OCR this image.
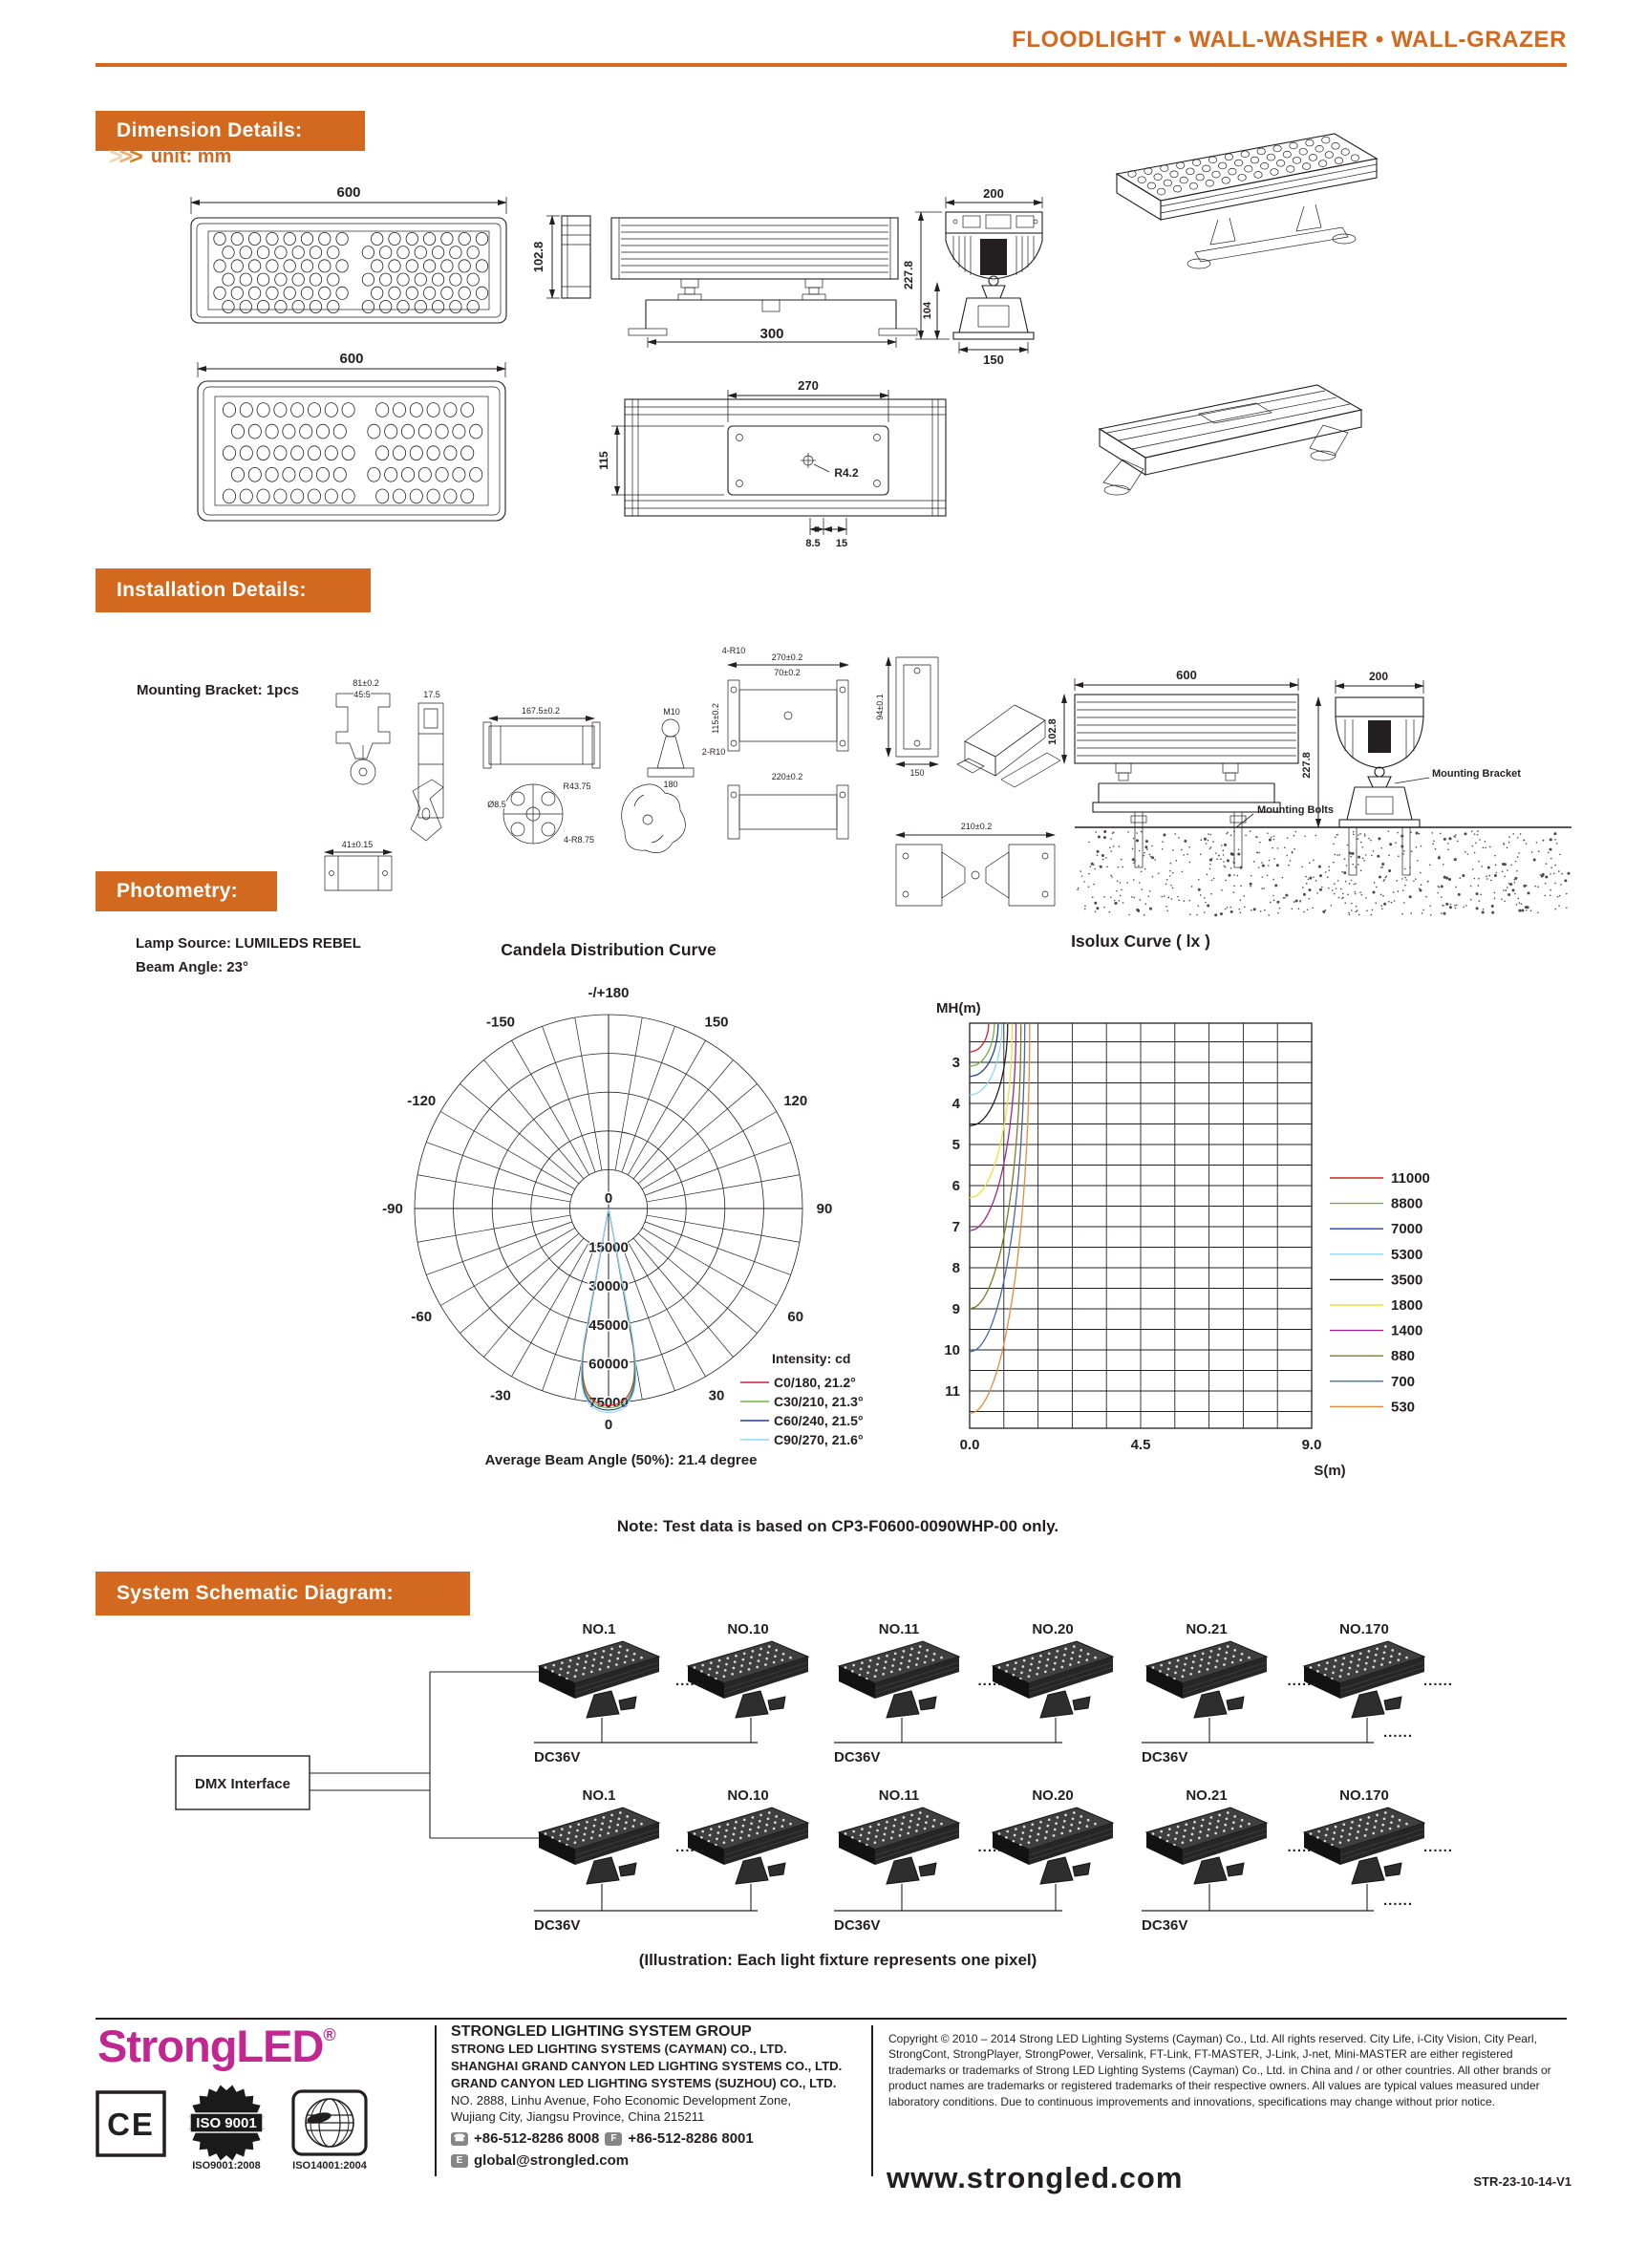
FLOODLIGHT • WALL-WASHER • WALL-GRAZER
Dimension Details:
>>> unit: mm
Installation Details:
Mounting Bracket: 1pcs
Photometry:
Lamp Source: LUMILEDS REBEL
Beam Angle: 23°
Candela Distribution Curve	Isolux Curve ( lx )
Note: Test data is based on CP3-F0600-0090WHP-00 only.
System Schematic Diagram:
(Illustration: Each light fixture represents one pixel)
600
102.8
300
200
227.8
104
150
600
R4.2
270
115
8.5 15
81±0.2
45.5	17.5
167.5±0.2	M10
180
2-R10
R43.75
Ø8.5
4-R8.75
270±0.2
70±0.2
115±0.2
4-R10
220±0.2
94±0.1
150
210±0.2
41±0.15
600
102.8
200
227.8
Mounting Bolts
Mounting Bracket
-/+180
-150
-120
-90
-60
-30
0
30
60
90
120
150
0
15000
30000
45000
60000
75000
Intensity: cd
C0/180, 21.2°
C30/210, 21.3°
C60/240, 21.5°
C90/270, 21.6°
Average Beam Angle (50%): 21.4 degree
3
4
5
6
7
8
9
10
11
MH(m)
0.0	4.5	9.0
S(m)
11000
8800
7000
5300
3500
1800
1400
880
700
530
NO.1	NO.10	NO.11	NO.20	NO.21	NO.170
DC36V
......
DC36V
......
DC36V
......	......
......
NO.1	NO.10	NO.11	NO.20	NO.21	NO.170
DC36V
......
DC36V
......
DC36V
......	......
......
DMX Interface
StrongLED®
CE	ISO 9001
ISO9001:2008	ISO14001:2004
STRONGLED LIGHTING SYSTEM GROUP
STRONG LED LIGHTING SYSTEMS (CAYMAN) CO., LTD.
SHANGHAI GRAND CANYON LED LIGHTING SYSTEMS CO., LTD.
GRAND CANYON LED LIGHTING SYSTEMS (SUZHOU) CO., LTD.
NO. 2888, Linhu Avenue, Foho Economic Development Zone,
Wujiang City, Jiangsu Province, China 215211
☎ +86-512-8286 8008	F +86-512-8286 8001
E global@strongled.com
Copyright © 2010 – 2014 Strong LED Lighting Systems (Cayman) Co., Ltd. All rights reserved. City Life, i-City Vision, City Pearl, StrongCont, StrongPlayer, StrongPower, Versalink, FT-Link, FT-MASTER, J-Link, J-net, Mini-MASTER are either registered trademarks or trademarks of Strong LED Lighting Systems (Cayman) Co., Ltd. in China and / or other countries. All other brands or product names are trademarks or registered trademarks of their respective owners. All values are typical values measured under laboratory conditions. Due to continuous improvements and innovations, specifications may change without prior notice.
www.strongled.com	STR-23-10-14-V1
